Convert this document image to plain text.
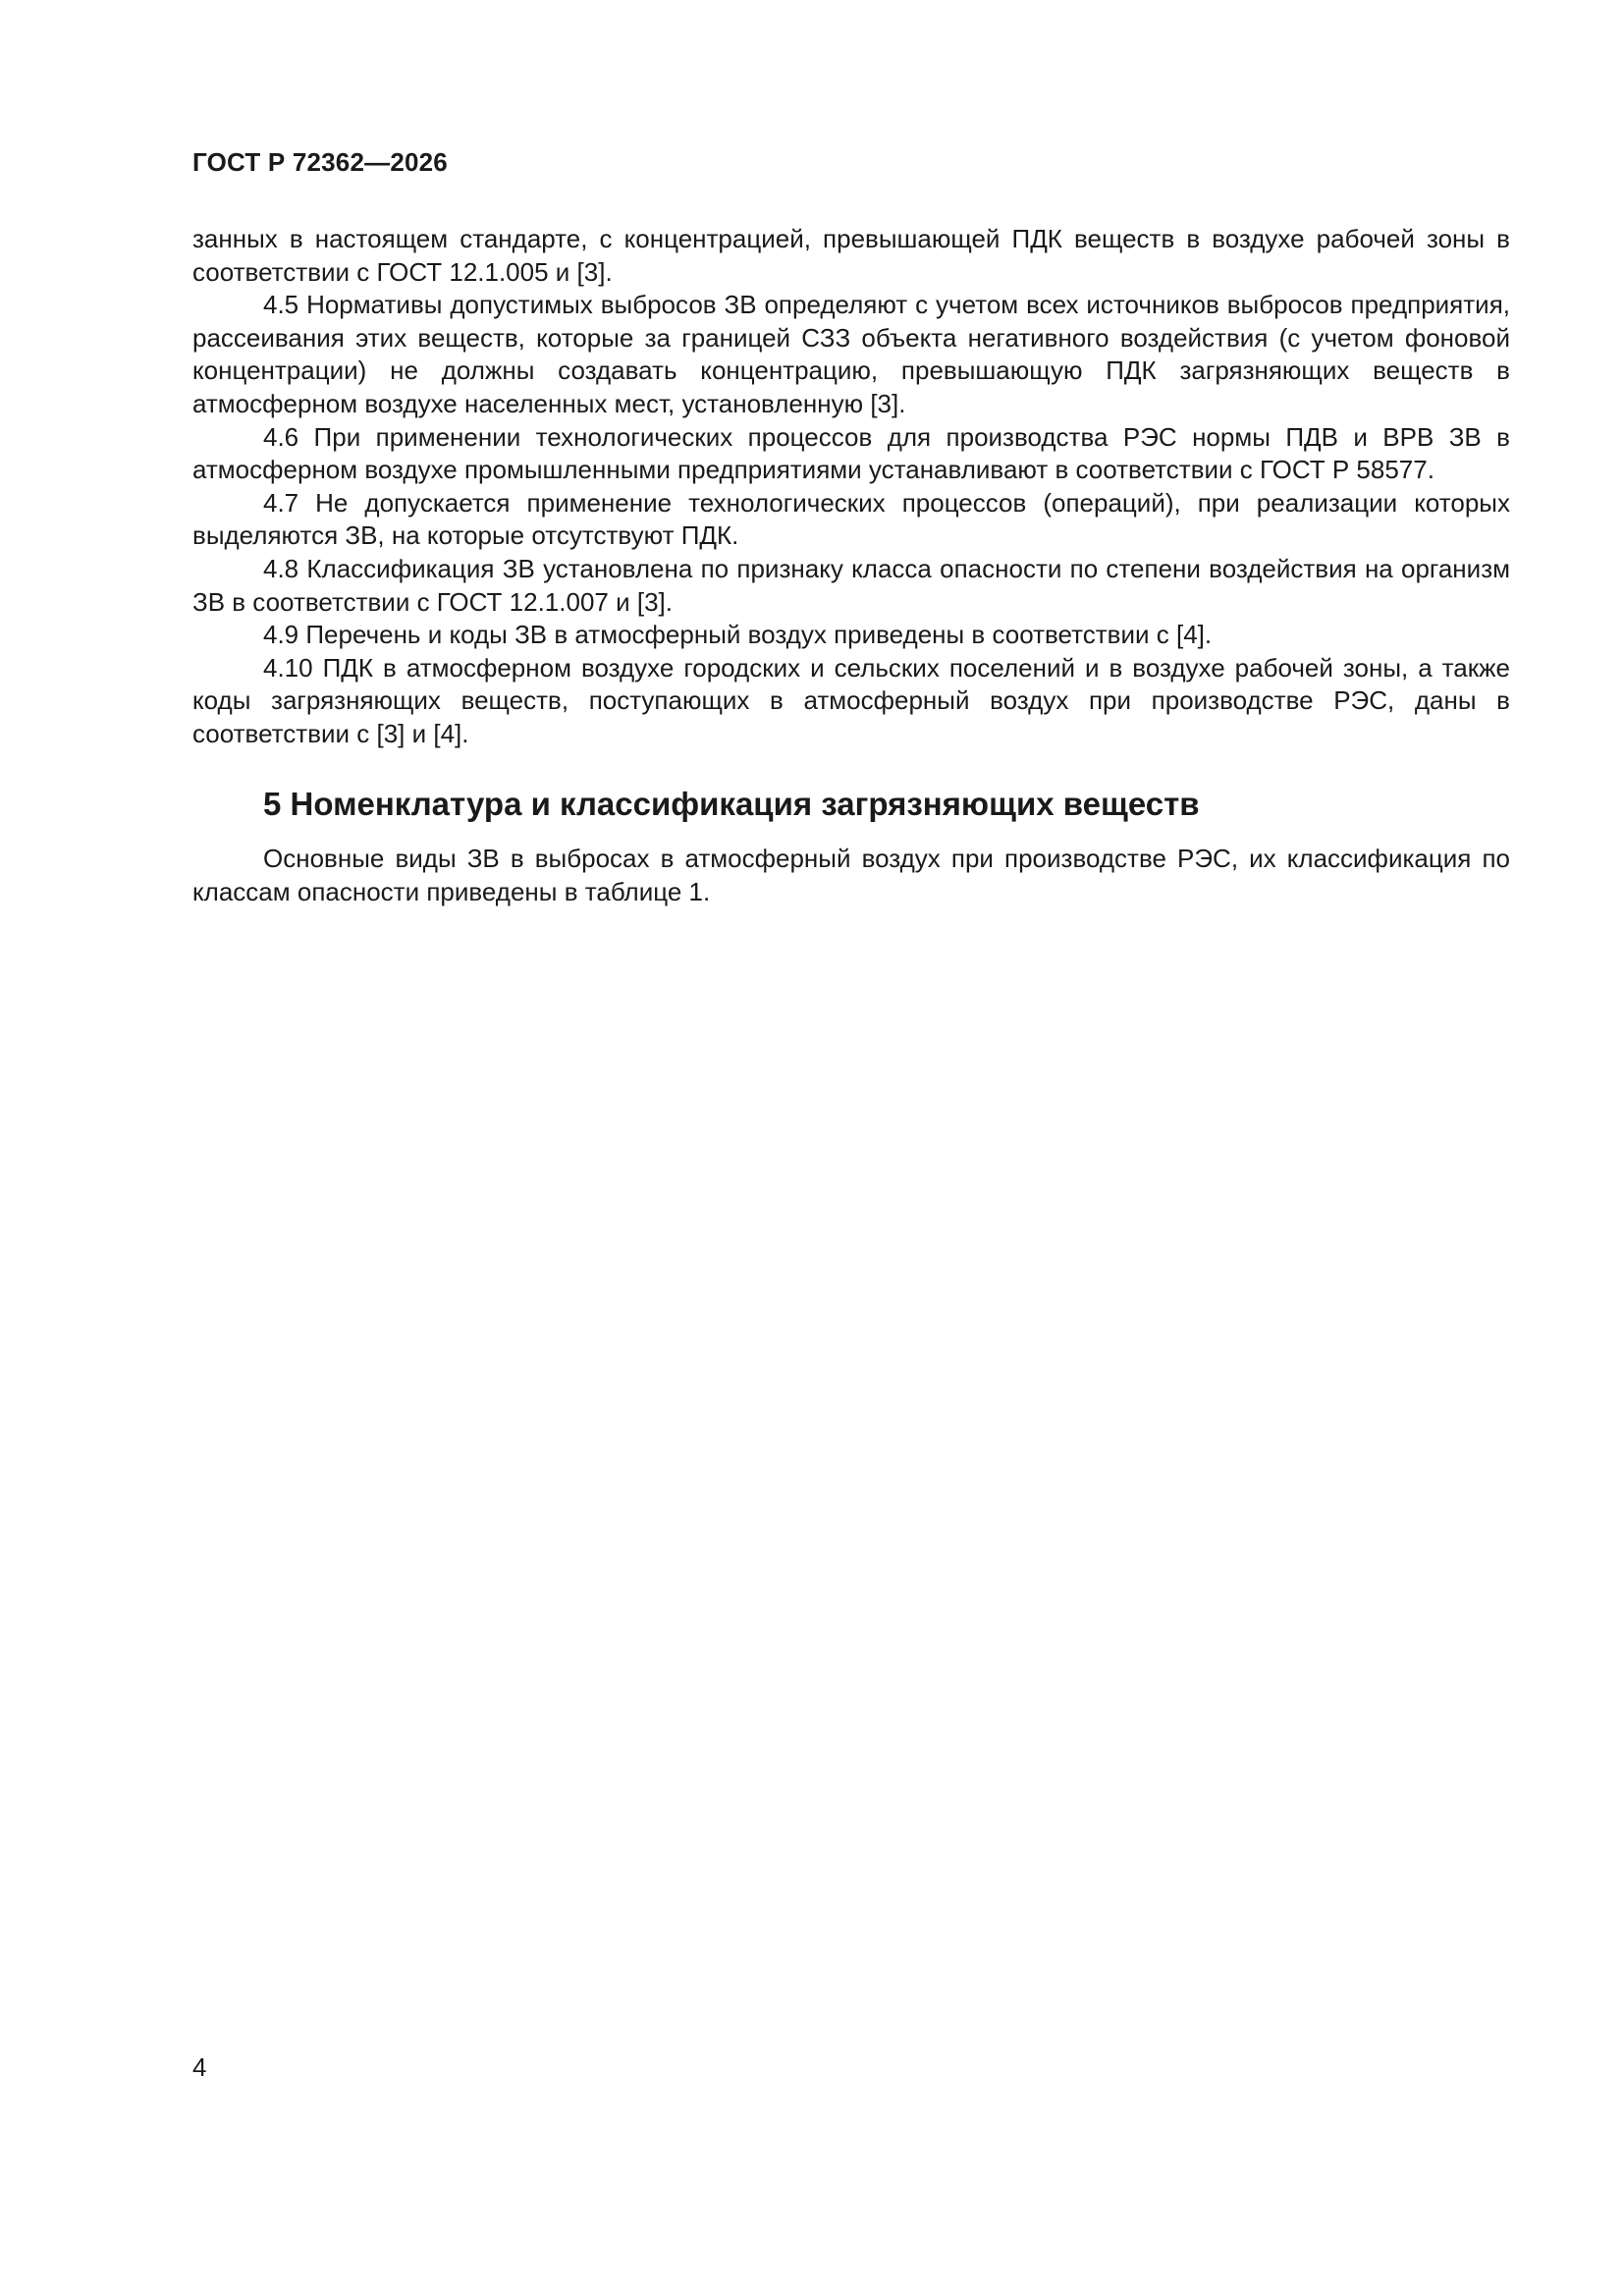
ГОСТ Р 72362—2026

занных в настоящем стандарте, с концентрацией, превышающей ПДК веществ в воздухе рабочей зоны в соответствии с ГОСТ 12.1.005 и [3].

4.5 Нормативы допустимых выбросов ЗВ определяют с учетом всех источников выбросов предприятия, рассеивания этих веществ, которые за границей СЗЗ объекта негативного воздействия (с учетом фоновой концентрации) не должны создавать концентрацию, превышающую ПДК загрязняющих веществ в атмосферном воздухе населенных мест, установленную [3].

4.6 При применении технологических процессов для производства РЭС нормы ПДВ и ВРВ ЗВ в атмосферном воздухе промышленными предприятиями устанавливают в соответствии с ГОСТ Р 58577.

4.7 Не допускается применение технологических процессов (операций), при реализации которых выделяются ЗВ, на которые отсутствуют ПДК.

4.8 Классификация ЗВ установлена по признаку класса опасности по степени воздействия на организм ЗВ в соответствии с ГОСТ 12.1.007 и [3].

4.9 Перечень и коды ЗВ в атмосферный воздух приведены в соответствии с [4].

4.10 ПДК в атмосферном воздухе городских и сельских поселений и в воздухе рабочей зоны, а также коды загрязняющих веществ, поступающих в атмосферный воздух при производстве РЭС, даны в соответствии с [3] и [4].

5 Номенклатура и классификация загрязняющих веществ

Основные виды ЗВ в выбросах в атмосферный воздух при производстве РЭС, их классификация по классам опасности приведены в таблице 1.

4
